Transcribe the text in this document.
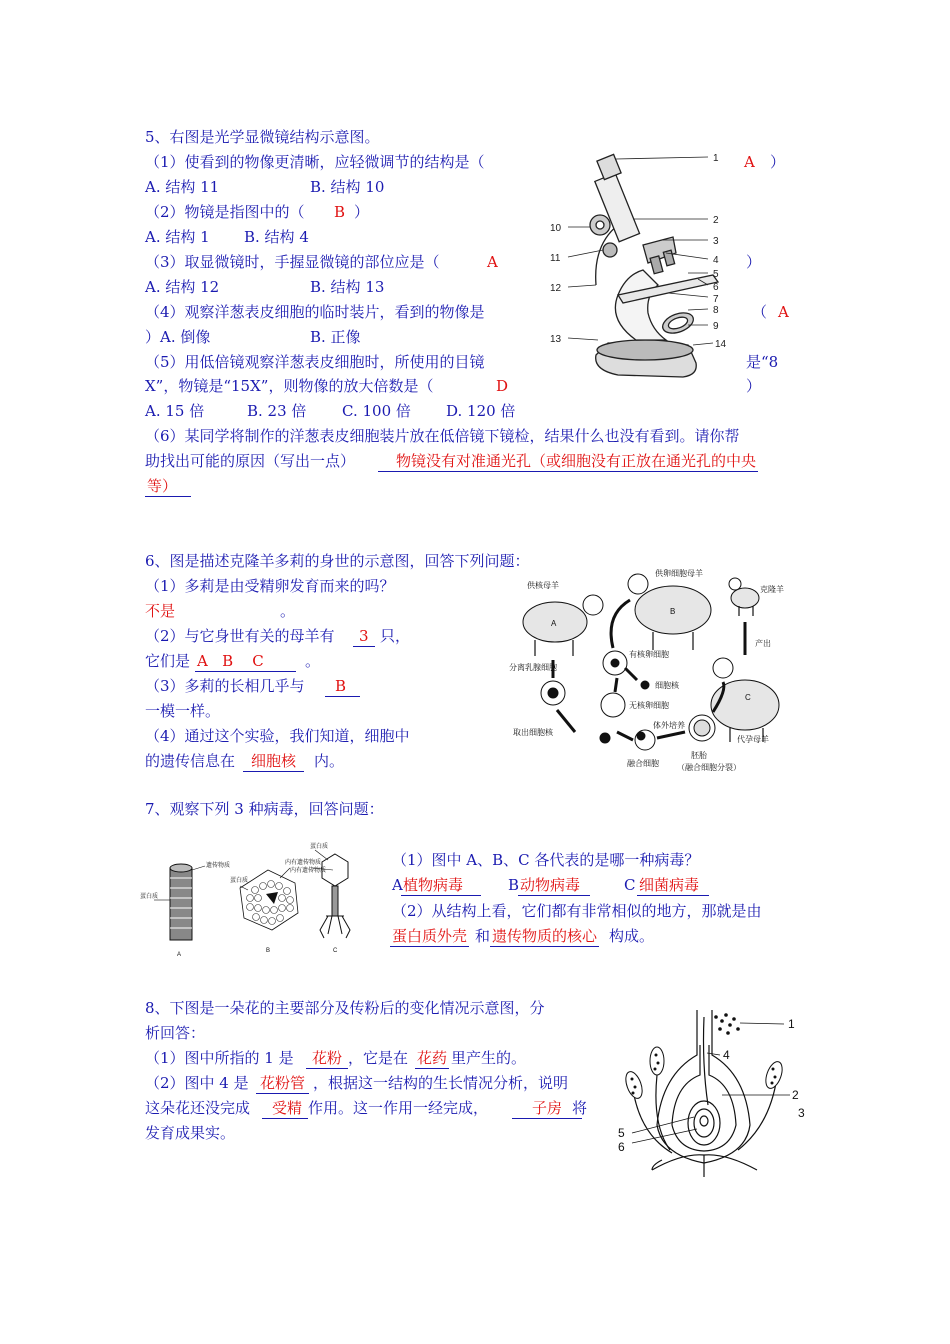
5、右图是光学显微镜结构示意图。
（1）使看到的物像更清晰，应轻微调节的结构是（	A ）
A. 结构 11	B. 结构 10
（2）物镜是指图中的（ B ）
A. 结构 1 B. 结构 4
（3）取显微镜时，手握显微镜的部位应是（	A	）
A. 结构 12	B. 结构 13
（4）观察洋葱表皮细胞的临时装片，看到的物像是	（ A
）A. 倒像	B. 正像
（5）用低倍镜观察洋葱表皮细胞时，所使用的目镜	是“8
X”，物镜是“15X”，则物像的放大倍数是（	D	）
A. 15 倍	B. 23 倍 C. 100 倍 D. 120 倍
（6）某同学将制作的洋葱表皮细胞装片放在低倍镜下镜检，结果什么也没有看到。请你帮
助找出可能的原因（写出一点）	物镜没有对准通光孔（或细胞没有正放在通光孔的中央
等）
1
2
3
4
5
6
7
8
9
10
11
12
13	14
6、图是描述克隆羊多莉的身世的示意图，回答下列问题：
（1）多莉是由受精卵发育而来的吗？
不是	。
（2）与它身世有关的母羊有	3 只，
它们是 A   B    C	。
（3）多莉的长相几乎与	B
一模一样。
（4）通过这个实验，我们知道，细胞中
的遗传信息在	细胞核	内。
供核母羊
供卵细胞母羊
克隆羊
产出
分离乳腺细胞
有核卵细胞
细胞核
无核卵细胞
取出细胞核
体外培养
融合细胞
胚胎
（融合细胞分裂）
代孕母羊
A
B
C
7、观察下列 3 种病毒，回答问题：
（1）图中 A、B、C 各代表的是哪一种病毒？
A 植物病毒	B 动物病毒	C 细菌病毒
（2）从结构上看，它们都有非常相似的地方，那就是由
蛋白质外壳 和 遗传物质的核心 构成。
遗传物质
蛋白质
蛋白质
内有遗传物质
蛋白质
内有遗传物质
A
B	C
8、下图是一朵花的主要部分及传粉后的变化情况示意图，分
析回答：
（1）图中所指的 1 是	花粉 ，它是在 花药 里产生的。
（2）图中 4 是 花粉管 ，根据这一结构的生长情况分析，说明
这朵花还没完成	受精 作用。这一作用一经完成，	子房 将
发育成果实。
1
2
3
4
5
6
